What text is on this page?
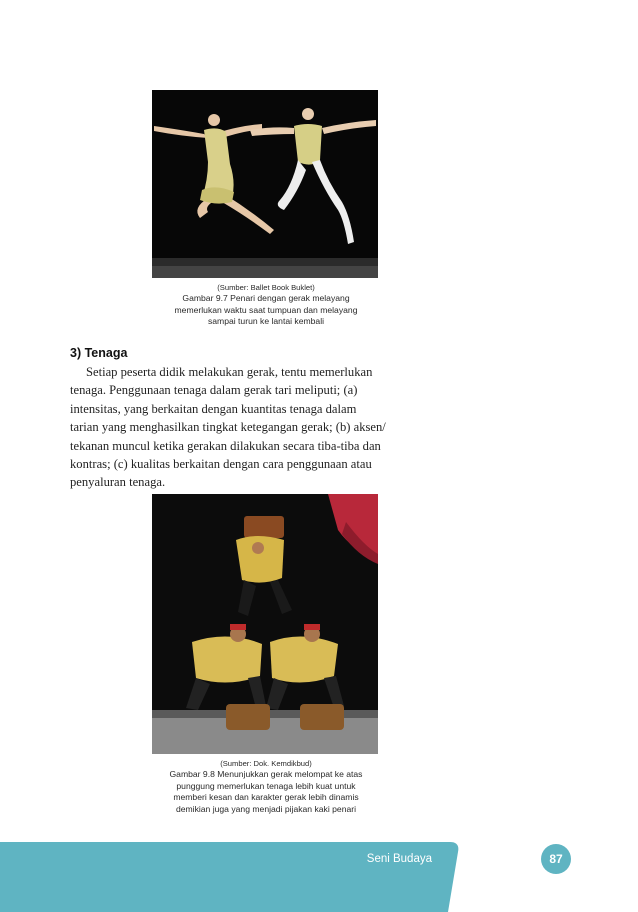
(Sumber: Ballet Book Buklet)
Gambar 9.7 Penari dengan gerak melayang
memerlukan waktu saat tumpuan dan melayang
sampai turun ke lantai kembali
3) Tenaga
Setiap peserta didik melakukan gerak, tentu memerlukan
tenaga. Penggunaan tenaga dalam gerak tari meliputi; (a)
intensitas, yang berkaitan dengan kuantitas tenaga dalam
tarian yang menghasilkan tingkat ketegangan gerak; (b) aksen/
tekanan muncul ketika gerakan dilakukan secara tiba-tiba dan
kontras; (c) kualitas berkaitan dengan cara penggunaan atau
penyaluran tenaga.
(Sumber: Dok. Kemdikbud)
Gambar 9.8 Menunjukkan gerak melompat ke atas
punggung memerlukan tenaga lebih kuat untuk
memberi kesan dan karakter gerak lebih dinamis
demikian juga yang menjadi pijakan kaki penari
Seni Budaya	87
